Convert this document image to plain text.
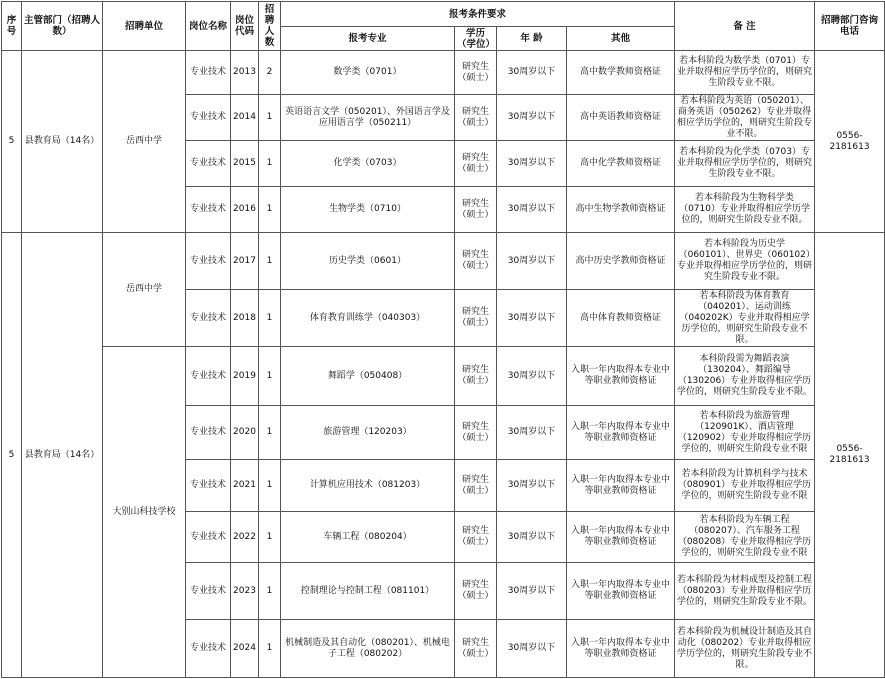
序号	主管部门（招聘人数）	招聘单位	岗位名称	岗位代码	招聘人数	报考条件要求				备 注	招聘部门咨询电话
						报考专业	学历（学位）	年 龄	其他		
5	县教育局（14名）	岳西中学	专业技术	2013	2	数学类（0701）	研究生（硕士）	30周岁以下	高中数学教师资格证	若本科阶段为数学类（0701）专业并取得相应学历学位的，则研究生阶段专业不限。	0556-2181613
			专业技术	2014	1	英语语言文学（050201）、外国语言学及应用语言学（050211）	研究生（硕士）	30周岁以下	高中英语教师资格证	若本科阶段为英语（050201）、商务英语（050262）专业并取得相应学历学位的，则研究生阶段专业不限。	
			专业技术	2015	1	化学类（0703）	研究生（硕士）	30周岁以下	高中化学教师资格证	若本科阶段为化学类（0703）专业并取得相应学历学位的，则研究生阶段专业不限。	
			专业技术	2016	1	生物学类（0710）	研究生（硕士）	30周岁以下	高中生物学教师资格证	若本科阶段为生物科学类（0710）专业并取得相应学历学位的，则研究生阶段专业不限。	
5	县教育局（14名）	岳西中学	专业技术	2017	1	历史学类（0601）	研究生（硕士）	30周岁以下	高中历史学教师资格证	若本科阶段为历史学（060101）、世界史（060102）专业并取得相应学历学位的，则研究生阶段专业不限。	0556-2181613
			专业技术	2018	1	体育教育训练学（040303）	研究生（硕士）	30周岁以下	高中体育教师资格证	若本科阶段为体育教育（040201）、运动训练（040202K）专业并取得相应学历学位的，则研究生阶段专业不限。	
		大别山科技学校	专业技术	2019	1	舞蹈学（050408）	研究生（硕士）	30周岁以下	入职一年内取得本专业中等职业教师资格证	本科阶段需为舞蹈表演（130204）、舞蹈编导（130206）专业并取得相应学历学位的，则研究生阶段专业不限。	
			专业技术	2020	1	旅游管理（120203）	研究生（硕士）	30周岁以下	入职一年内取得本专业中等职业教师资格证	若本科阶段为旅游管理（120901K）、酒店管理（120902）专业并取得相应学历学位的，则研究生阶段专业不限	
			专业技术	2021	1	计算机应用技术（081203）	研究生（硕士）	30周岁以下	入职一年内取得本专业中等职业教师资格证	若本科阶段为计算机科学与技术（080901）专业并取得相应学历学位的，则研究生阶段专业不限	
			专业技术	2022	1	车辆工程（080204）	研究生（硕士）	30周岁以下	入职一年内取得本专业中等职业教师资格证	若本科阶段为车辆工程（080207）、汽车服务工程（080208）专业并取得相应学历学位的，则研究生阶段专业不限	
			专业技术	2023	1	控制理论与控制工程（081101）	研究生（硕士）	30周岁以下	入职一年内取得本专业中等职业教师资格证	若本科阶段为材料成型及控制工程（080203）专业并取得相应学历学位的，则研究生阶段专业不限。	
			专业技术	2024	1	机械制造及其自动化（080201）、机械电子工程（080202）	研究生（硕士）	30周岁以下	入职一年内取得本专业中等职业教师资格证	若本科阶段为机械设计制造及其自动化（080202）专业并取得相应学历学位的，则研究生阶段专业不限。	
